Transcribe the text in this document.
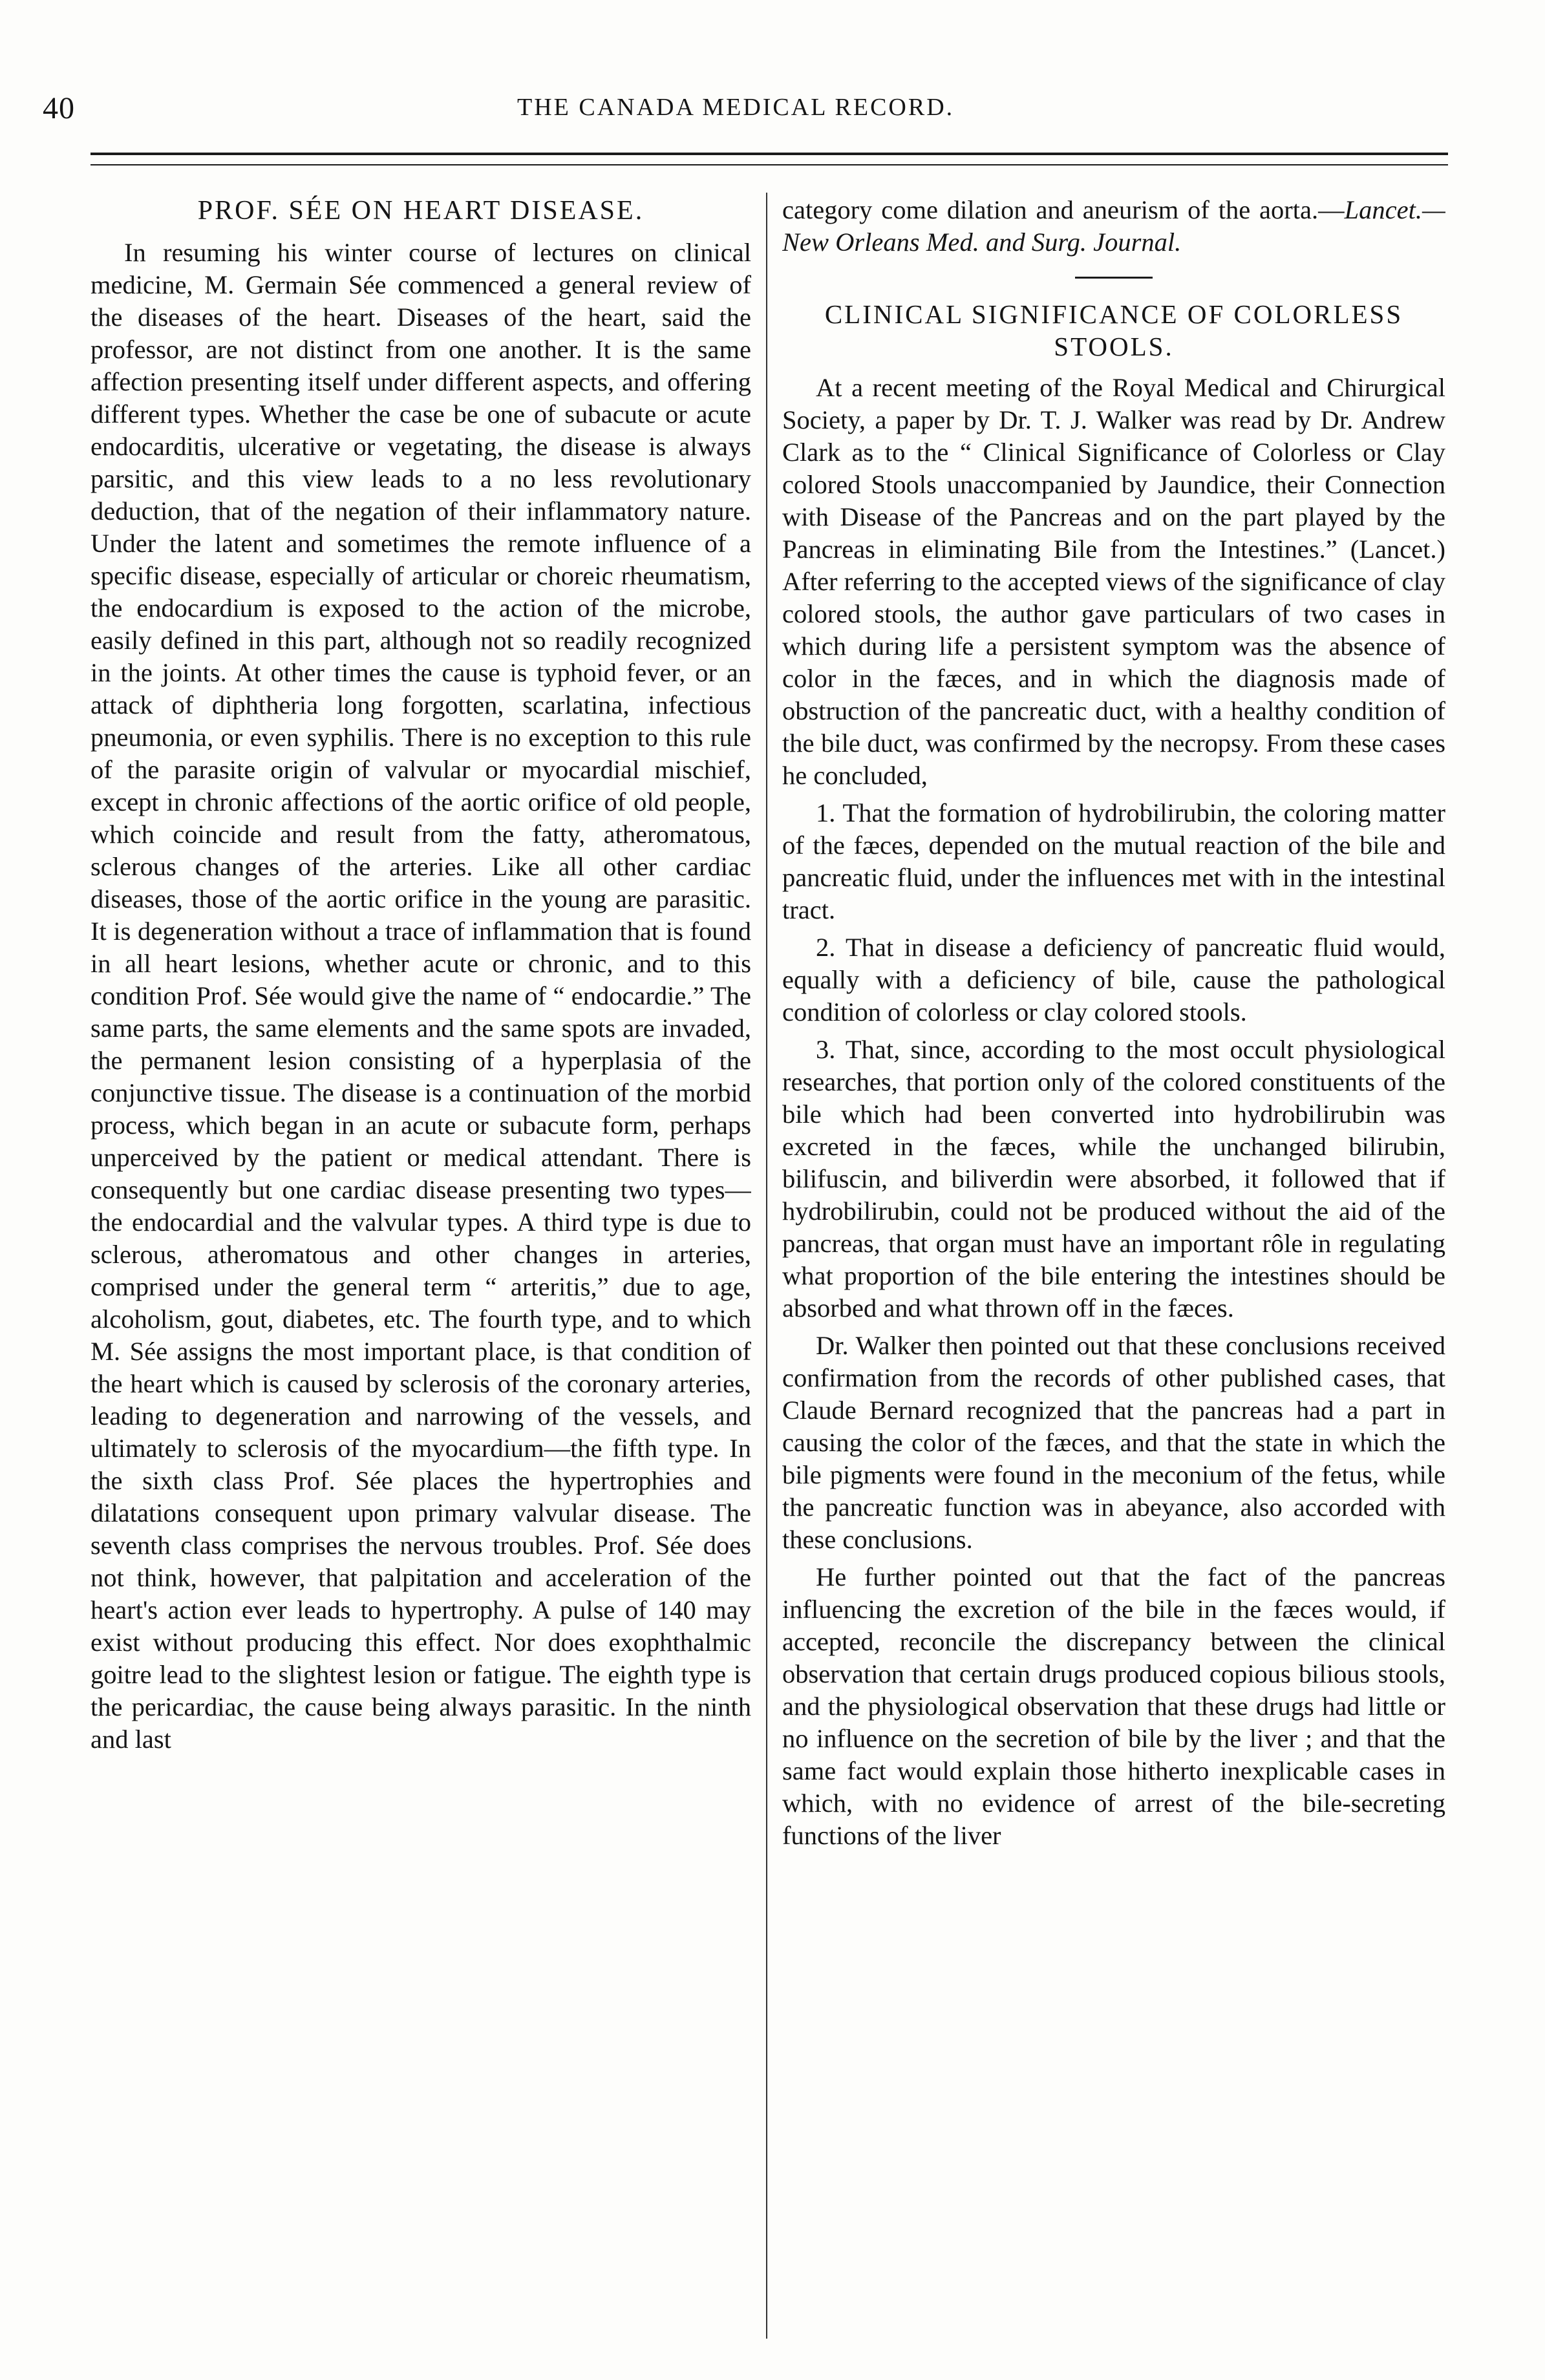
40	THE CANADA MEDICAL RECORD.
PROF. SÉE ON HEART DISEASE.

In resuming his winter course of lectures on clinical medicine, M. Germain Sée commenced a general review of the diseases of the heart. Diseases of the heart, said the professor, are not distinct from one another. It is the same affection presenting itself under different aspects, and offering different types. Whether the case be one of subacute or acute endocarditis, ulcerative or vegetating, the disease is always parsitic, and this view leads to a no less revolutionary deduction, that of the negation of their inflammatory nature. Under the latent and sometimes the remote influence of a specific disease, especially of articular or choreic rheumatism, the endocardium is exposed to the action of the microbe, easily defined in this part, although not so readily recognized in the joints. At other times the cause is typhoid fever, or an attack of diphtheria long forgotten, scarlatina, infectious pneumonia, or even syphilis. There is no exception to this rule of the parasite origin of valvular or myocardial mischief, except in chronic affections of the aortic orifice of old people, which coincide and result from the fatty, atheromatous, sclerous changes of the arteries. Like all other cardiac diseases, those of the aortic orifice in the young are parasitic. It is degeneration without a trace of inflammation that is found in all heart lesions, whether acute or chronic, and to this condition Prof. Sée would give the name of “ endocardie.” The same parts, the same elements and the same spots are invaded, the permanent lesion consisting of a hyperplasia of the conjunctive tissue. The disease is a continuation of the morbid process, which began in an acute or subacute form, perhaps unperceived by the patient or medical attendant. There is consequently but one cardiac disease presenting two types—the endocardial and the valvular types. A third type is due to sclerous, atheromatous and other changes in arteries, comprised under the general term “ arteritis,” due to age, alcoholism, gout, diabetes, etc. The fourth type, and to which M. Sée assigns the most important place, is that condition of the heart which is caused by sclerosis of the coronary arteries, leading to degeneration and narrowing of the vessels, and ultimately to sclerosis of the myocardium—the fifth type. In the sixth class Prof. Sée places the hypertrophies and dilatations consequent upon primary valvular disease. The seventh class comprises the nervous troubles. Prof. Sée does not think, however, that palpitation and acceleration of the heart's action ever leads to hypertrophy. A pulse of 140 may exist without producing this effect. Nor does exophthalmic goitre lead to the slightest lesion or fatigue. The eighth type is the pericardiac, the cause being always parasitic. In the ninth and last

category come dilation and aneurism of the aorta.—Lancet.—New Orleans Med. and Surg. Journal.

CLINICAL SIGNIFICANCE OF COLORLESS STOOLS.

At a recent meeting of the Royal Medical and Chirurgical Society, a paper by Dr. T. J. Walker was read by Dr. Andrew Clark as to the “ Clinical Significance of Colorless or Clay colored Stools unaccompanied by Jaundice, their Connection with Disease of the Pancreas and on the part played by the Pancreas in eliminating Bile from the Intestines.” (Lancet.) After referring to the accepted views of the significance of clay colored stools, the author gave particulars of two cases in which during life a persistent symptom was the absence of color in the fæces, and in which the diagnosis made of obstruction of the pancreatic duct, with a healthy condition of the bile duct, was confirmed by the necropsy. From these cases he concluded,

1. That the formation of hydrobilirubin, the coloring matter of the fæces, depended on the mutual reaction of the bile and pancreatic fluid, under the influences met with in the intestinal tract.

2. That in disease a deficiency of pancreatic fluid would, equally with a deficiency of bile, cause the pathological condition of colorless or clay colored stools.

3. That, since, according to the most occult physiological researches, that portion only of the colored constituents of the bile which had been converted into hydrobilirubin was excreted in the fæces, while the unchanged bilirubin, bilifuscin, and biliverdin were absorbed, it followed that if hydrobilirubin, could not be produced without the aid of the pancreas, that organ must have an important rôle in regulating what proportion of the bile entering the intestines should be absorbed and what thrown off in the fæces.

Dr. Walker then pointed out that these conclusions received confirmation from the records of other published cases, that Claude Bernard recognized that the pancreas had a part in causing the color of the fæces, and that the state in which the bile pigments were found in the meconium of the fetus, while the pancreatic function was in abeyance, also accorded with these conclusions.

He further pointed out that the fact of the pancreas influencing the excretion of the bile in the fæces would, if accepted, reconcile the discrepancy between the clinical observation that certain drugs produced copious bilious stools, and the physiological observation that these drugs had little or no influence on the secretion of bile by the liver ; and that the same fact would explain those hitherto inexplicable cases in which, with no evidence of arrest of the bile-secreting functions of the liver
